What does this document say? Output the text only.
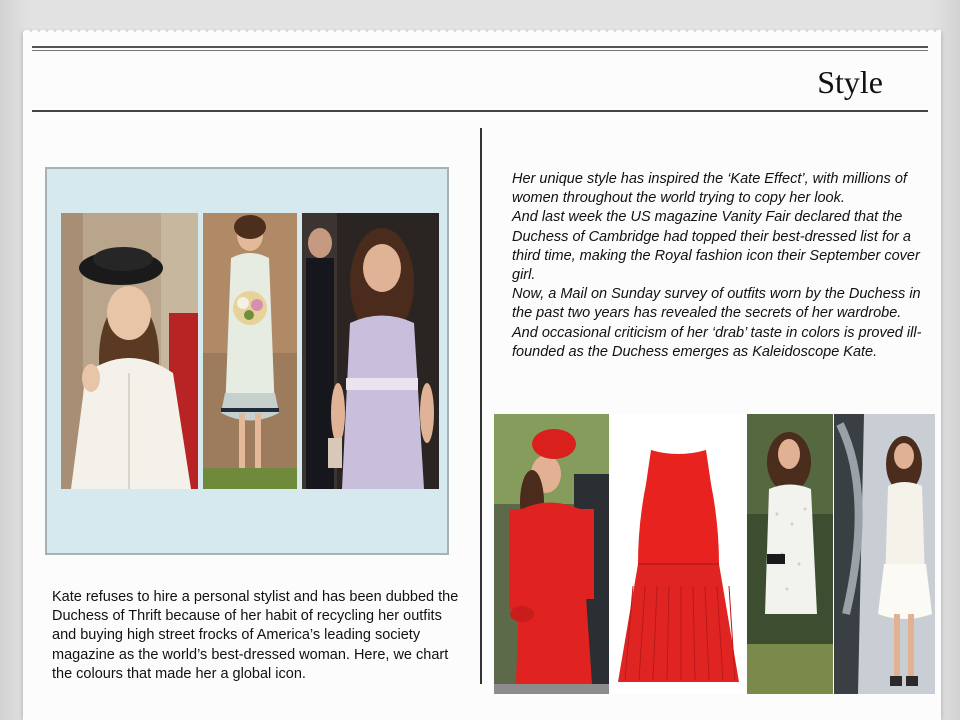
Style

Kate refuses to hire a personal stylist and has been dubbed the Duchess of Thrift because of her habit of recycling her outfits and buying high street frocks of America’s leading society magazine as the world’s best-dressed woman. Here, we chart the colours that made her a global icon.

Her unique style has inspired the ‘Kate Effect’, with millions of women throughout the world trying to copy her look.

And last week the US magazine Vanity Fair declared that the Duchess of Cambridge had topped their best-dressed list for a third time, making the Royal fashion icon their September cover girl.

Now, a Mail on Sunday survey of outfits worn by the Duchess in the past two years has revealed the secrets of her wardrobe. And occasional criticism of her ‘drab’ taste in colors is proved ill-founded as the Duchess emerges as Kaleidoscope Kate.
